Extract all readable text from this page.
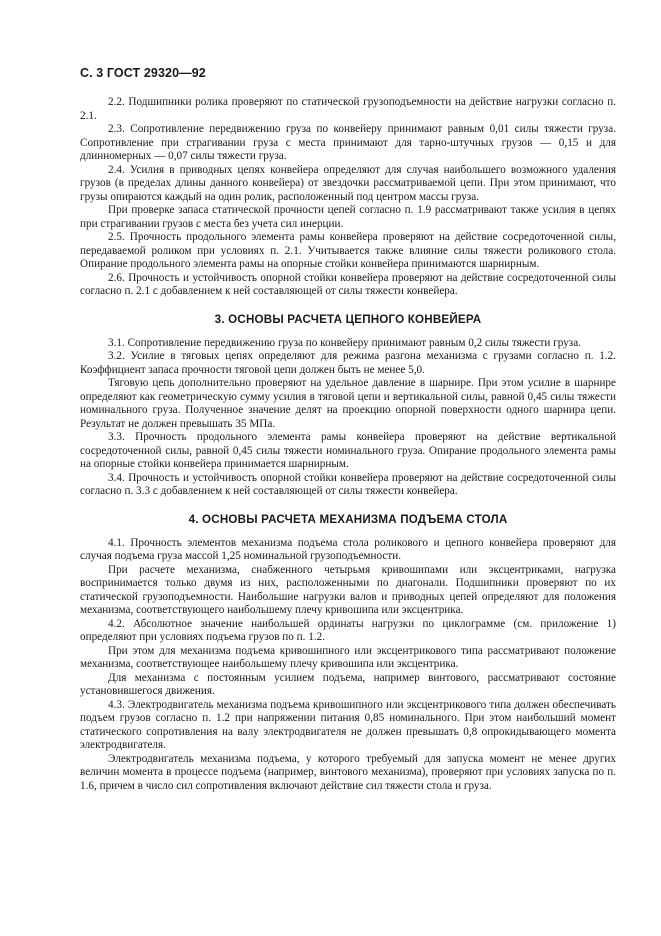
С. 3 ГОСТ 29320—92

2.2. Подшипники ролика проверяют по статической грузоподъемности на действие нагрузки согласно п. 2.1.

2.3. Сопротивление передвижению груза по конвейеру принимают равным 0,01 силы тяжести груза. Сопротивление при страгивании груза с места принимают для тарно-штучных грузов — 0,15 и для длинномерных — 0,07 силы тяжести груза.

2.4. Усилия в приводных цепях конвейера определяют для случая наибольшего возможного удаления грузов (в пределах длины данного конвейера) от звездочки рассматриваемой цепи. При этом принимают, что грузы опираются каждый на один ролик, расположенный под центром массы груза.

При проверке запаса статической прочности цепей согласно п. 1.9 рассматривают также усилия в цепях при страгивании грузов с места без учета сил инерции.

2.5. Прочность продольного элемента рамы конвейера проверяют на действие сосредоточенной силы, передаваемой роликом при условиях п. 2.1. Учитывается также влияние силы тяжести роликового стола. Опирание продольного элемента рамы на опорные стойки конвейера принимаются шарнирным.

2.6. Прочность и устойчивость опорной стойки конвейера проверяют на действие сосредоточенной силы согласно п. 2.1 с добавлением к ней составляющей от силы тяжести конвейера.

3. ОСНОВЫ РАСЧЕТА ЦЕПНОГО КОНВЕЙЕРА

3.1. Сопротивление передвижению груза по конвейеру принимают равным 0,2 силы тяжести груза.

3.2. Усилие в тяговых цепях определяют для режима разгона механизма с грузами согласно п. 1.2. Коэффициент запаса прочности тяговой цепи должен быть не менее 5,0.

Тяговую цепь дополнительно проверяют на удельное давление в шарнире. При этом усилие в шарнире определяют как геометрическую сумму усилия в тяговой цепи и вертикальной силы, равной 0,45 силы тяжести номинального груза. Полученное значение делят на проекцию опорной поверхности одного шарнира цепи. Результат не должен превышать 35 МПа.

3.3. Прочность продольного элемента рамы конвейера проверяют на действие вертикальной сосредоточенной силы, равной 0,45 силы тяжести номинального груза. Опирание продольного элемента рамы на опорные стойки конвейера принимается шарнирным.

3.4. Прочность и устойчивость опорной стойки конвейера проверяют на действие сосредоточенной силы согласно п. 3.3 с добавлением к ней составляющей от силы тяжести конвейера.

4. ОСНОВЫ РАСЧЕТА МЕХАНИЗМА ПОДЪЕМА СТОЛА

4.1. Прочность элементов механизма подъема стола роликового и цепного конвейера проверяют для случая подъема груза массой 1,25 номинальной грузоподъемности.

При расчете механизма, снабженного четырьмя кривошипами или эксцентриками, нагрузка воспринимается только двумя из них, расположенными по диагонали. Подшипники проверяют по их статической грузоподъемности. Наибольшие нагрузки валов и приводных цепей определяют для положения механизма, соответствующего наибольшему плечу кривошипа или эксцентрика.

4.2. Абсолютное значение наибольшей ординаты нагрузки по циклограмме (см. приложение 1) определяют при условиях подъема грузов по п. 1.2.

При этом для механизма подъема кривошипного или эксцентрикового типа рассматривают положение механизма, соответствующее наибольшему плечу кривошипа или эксцентрика.

Для механизма с постоянным усилием подъема, например винтового, рассматривают состояние установившегося движения.

4.3. Электродвигатель механизма подъема кривошипного или эксцентрикового типа должен обеспечивать подъем грузов согласно п. 1.2 при напряжении питания 0,85 номинального. При этом наибольший момент статического сопротивления на валу электродвигателя не должен превышать 0,8 опрокидывающего момента электродвигателя.

Электродвигатель механизма подъема, у которого требуемый для запуска момент не менее других величин момента в процессе подъема (например, винтового механизма), проверяют при условиях запуска по п. 1.6, причем в число сил сопротивления включают действие сил тяжести стола и груза.
